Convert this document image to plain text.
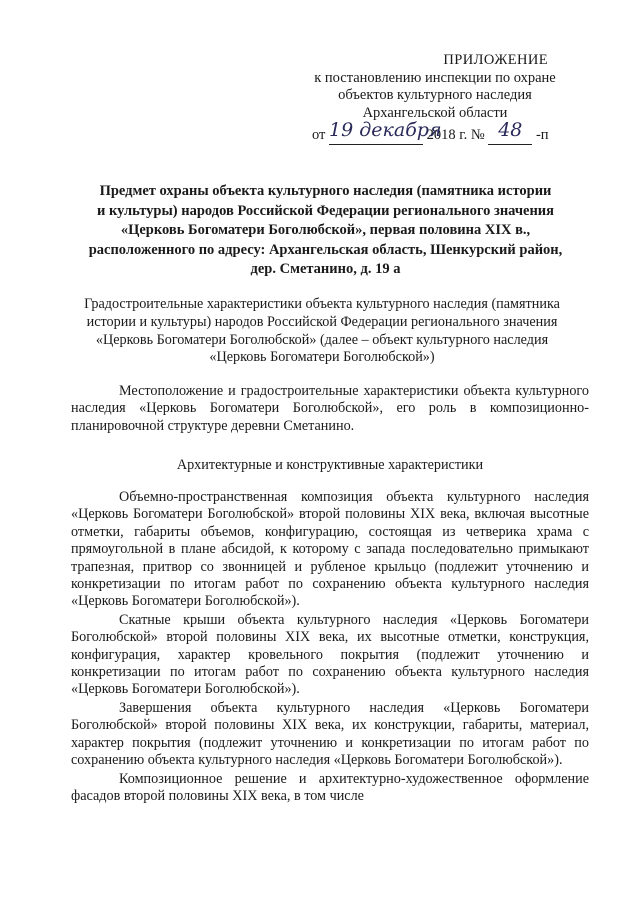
ПРИЛОЖЕНИЕ
к постановлению инспекции по охране
объектов культурного наследия
Архангельской области
от 19 декабря 2018 г. № 48 -п
Предмет охраны объекта культурного наследия (памятника истории
и культуры) народов Российской Федерации регионального значения
«Церковь Богоматери Боголюбской», первая половина XIX в.,
расположенного по адресу: Архангельская область, Шенкурский район,
дер. Сметанино, д. 19 а
Градостроительные характеристики объекта культурного наследия (памятника
истории и культуры) народов Российской Федерации регионального значения
«Церковь Богоматери Боголюбской» (далее – объект культурного наследия
«Церковь Богоматери Боголюбской»)

Местоположение и градостроительные характеристики объекта культурного наследия «Церковь Богоматери Боголюбской», его роль в композиционно-планировочной структуре деревни Сметанино.

Архитектурные и конструктивные характеристики

Объемно-пространственная композиция объекта культурного наследия «Церковь Богоматери Боголюбской» второй половины XIX века, включая высотные отметки, габариты объемов, конфигурацию, состоящая из четверика храма с прямоугольной в плане абсидой, к которому с запада последовательно примыкают трапезная, притвор со звонницей и рубленое крыльцо (подлежит уточнению и конкретизации по итогам работ по сохранению объекта культурного наследия «Церковь Богоматери Боголюбской»).

Скатные крыши объекта культурного наследия «Церковь Богоматери Боголюбской» второй половины XIX века, их высотные отметки, конструкция, конфигурация, характер кровельного покрытия (подлежит уточнению и конкретизации по итогам работ по сохранению объекта культурного наследия «Церковь Богоматери Боголюбской»).

Завершения объекта культурного наследия «Церковь Богоматери Боголюбской» второй половины XIX века, их конструкции, габариты, материал, характер покрытия (подлежит уточнению и конкретизации по итогам работ по сохранению объекта культурного наследия «Церковь Богоматери Боголюбской»).

Композиционное решение и архитектурно-художественное оформление фасадов второй половины XIX века, в том числе
